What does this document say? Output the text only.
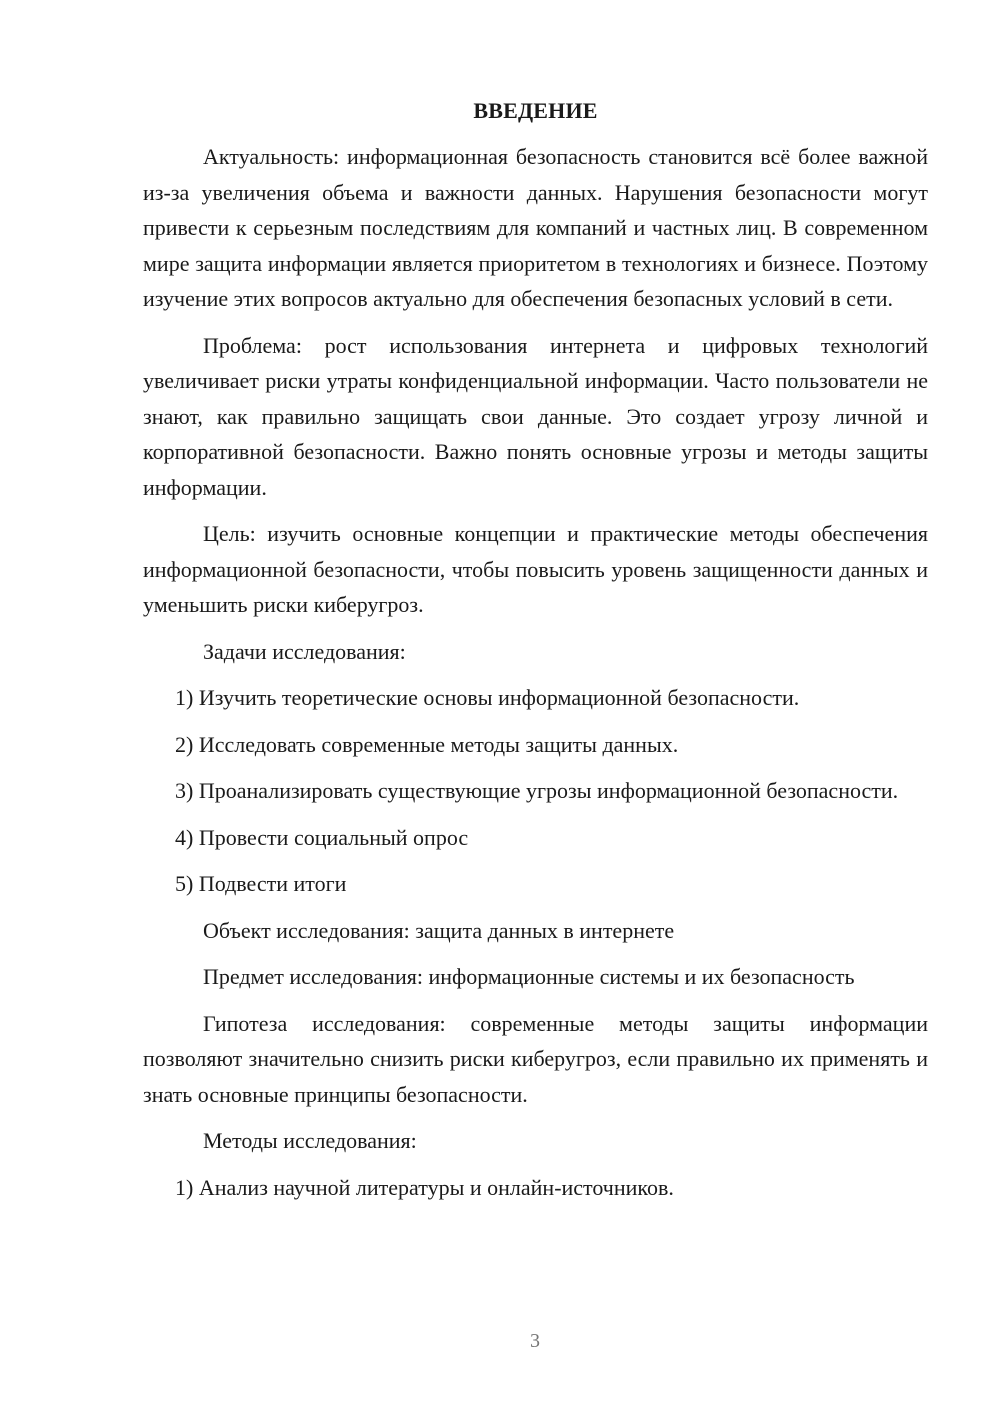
ВВЕДЕНИЕ

Актуальность: информационная безопасность становится всё более важной из-за увеличения объема и важности данных. Нарушения безопасности могут привести к серьезным последствиям для компаний и частных лиц. В современном мире защита информации является приоритетом в технологиях и бизнесе. Поэтому изучение этих вопросов актуально для обеспечения безопасных условий в сети.

Проблема: рост использования интернета и цифровых технологий увеличивает риски утраты конфиденциальной информации. Часто пользователи не знают, как правильно защищать свои данные. Это создает угрозу личной и корпоративной безопасности. Важно понять основные угрозы и методы защиты информации.

Цель: изучить основные концепции и практические методы обеспечения информационной безопасности, чтобы повысить уровень защищенности данных и уменьшить риски киберугроз.

Задачи исследования:

1) Изучить теоретические основы информационной безопасности.

2) Исследовать современные методы защиты данных.

3) Проанализировать существующие угрозы информационной безопасности.

4) Провести социальный опрос

5) Подвести итоги

Объект исследования: защита данных в интернете

Предмет исследования: информационные системы и их безопасность

Гипотеза исследования: современные методы защиты информации позволяют значительно снизить риски киберугроз, если правильно их применять и знать основные принципы безопасности.

Методы исследования:

1) Анализ научной литературы и онлайн-источников.

3
